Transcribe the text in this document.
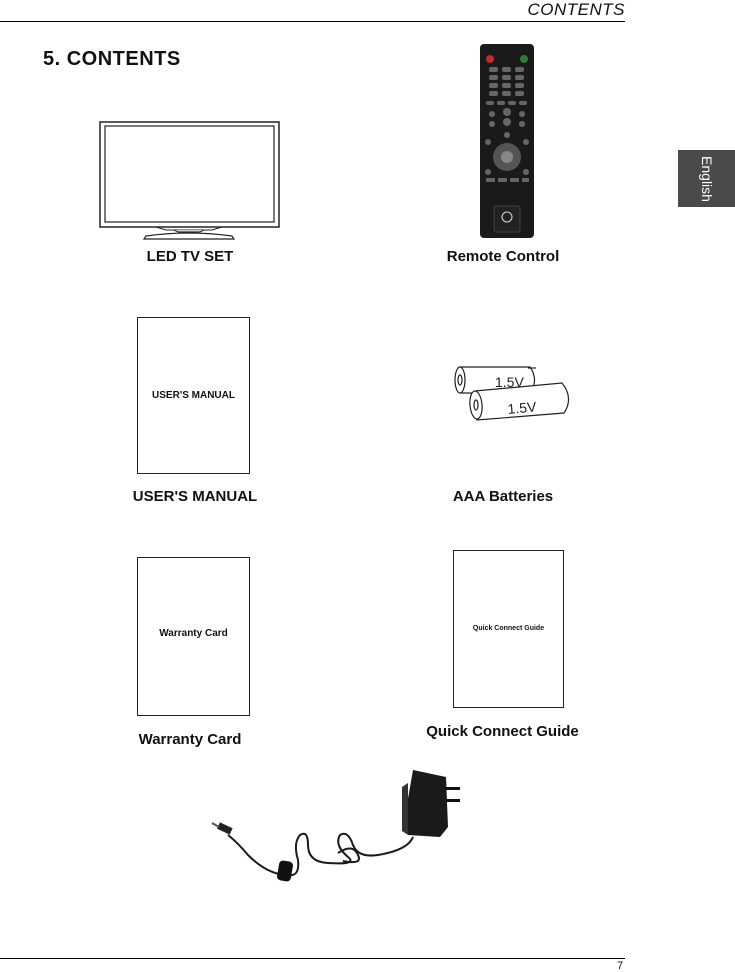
CONTENTS
5. CONTENTS
English
LED TV SET	Remote Control
USER'S MANUAL
USER'S MANUAL
1.5V
1.5V
AAA Batteries
Warranty Card
Warranty Card
Quick Connect Guide
Quick Connect Guide
7
